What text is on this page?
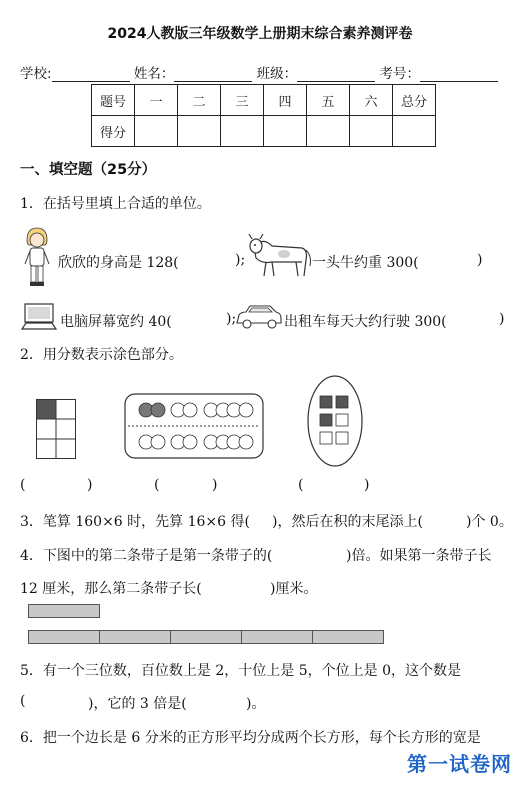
2024人教版三年级数学上册期末综合素养测评卷
学校:	姓名：	班级：	考号：
题号	一	二	三	四	五	六	总分
得分							
一、填空题（25分）
1．在括号里填上合适的单位。
欣欣的身高是 128(	);	一头牛约重 300(	)
电脑屏幕宽约 40(	);	出租车每天大约行驶 300(	)
2．用分数表示涂色部分。
(	)	(	)	(	)
3．笔算 160×6 时，先算 16×6 得( )，然后在积的末尾添上(	)个 0。
4．下图中的第二条带子是第一条带子的(	)倍。如果第一条带子长
12 厘米，那么第二条带子长(	)厘米。
5．有一个三位数，百位数上是 2，十位上是 5，个位上是 0，这个数是
(	)，它的 3 倍是(	)。
6．把一个边长是 6 分米的正方形平均分成两个长方形，每个长方形的宽是
第一试卷网
